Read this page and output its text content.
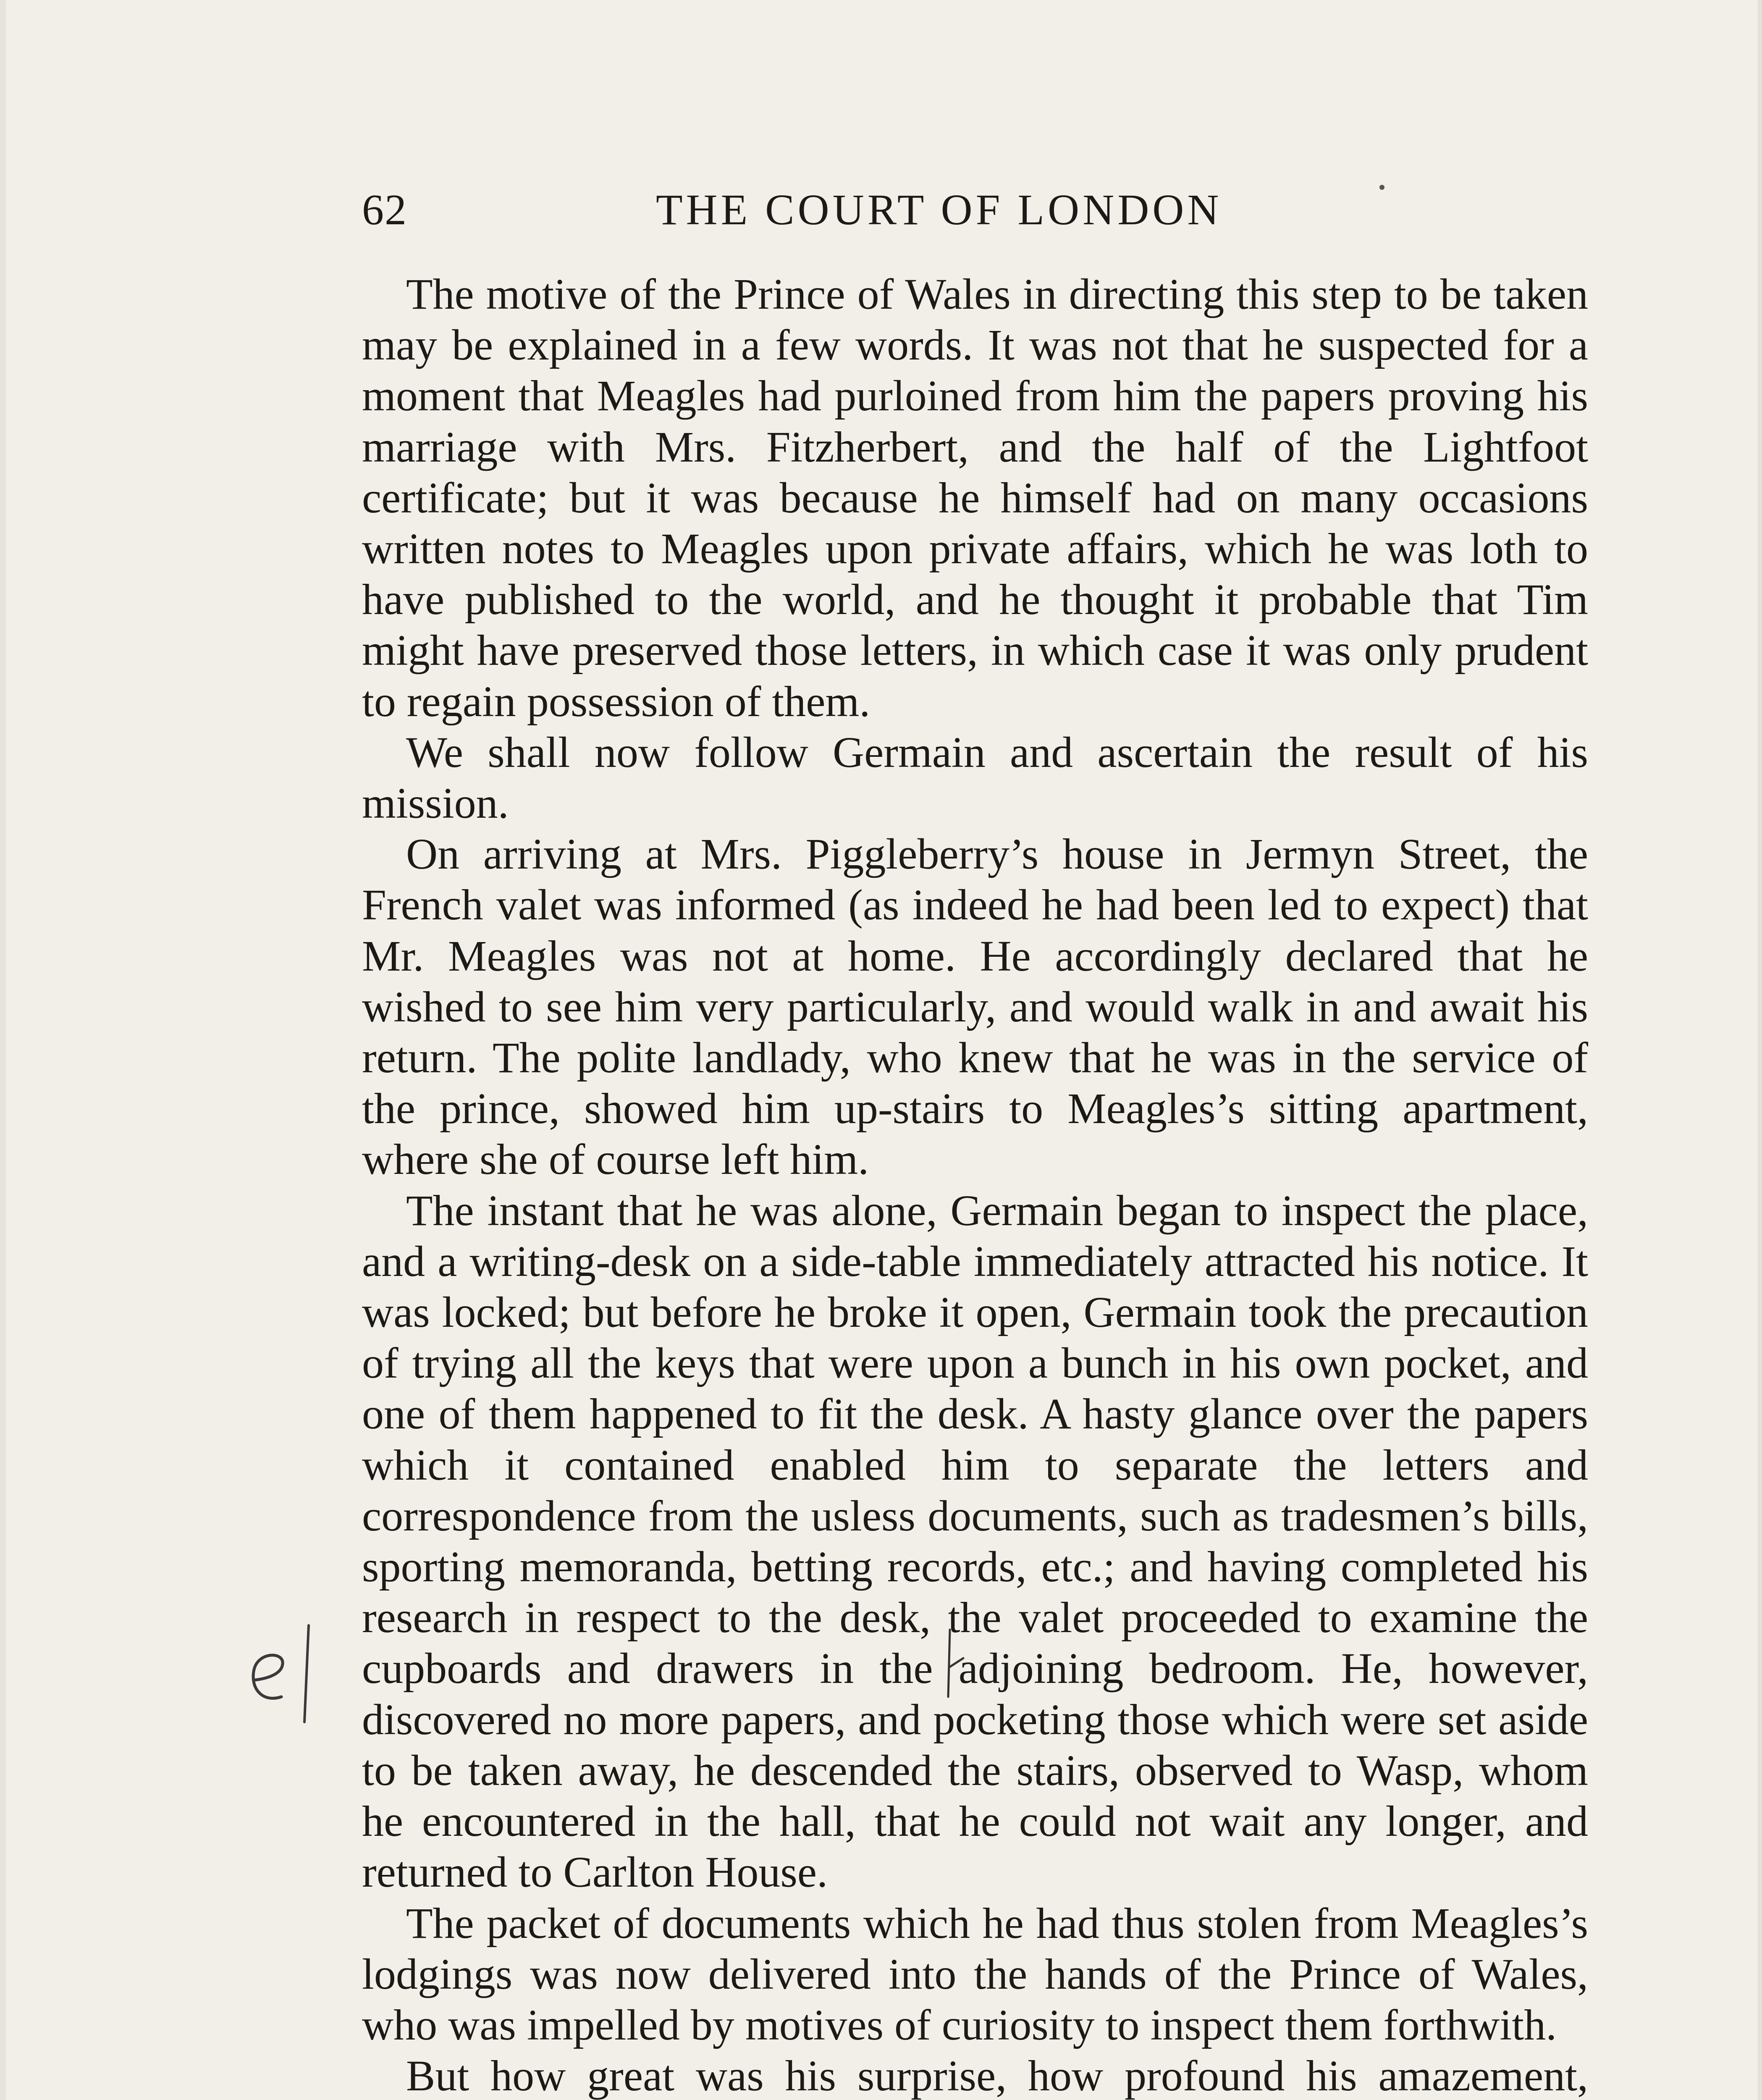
62	THE COURT OF LONDON

The motive of the Prince of Wales in directing this step to be taken may be explained in a few words. It was not that he suspected for a moment that Meagles had purloined from him the papers proving his marriage with Mrs. Fitzherbert, and the half of the Lightfoot certificate; but it was because he himself had on many occasions written notes to Meagles upon private affairs, which he was loth to have published to the world, and he thought it probable that Tim might have preserved those letters, in which case it was only prudent to regain possession of them.

We shall now follow Germain and ascertain the result of his mission.

On arriving at Mrs. Piggleberry’s house in Jermyn Street, the French valet was informed (as indeed he had been led to expect) that Mr. Meagles was not at home. He accordingly declared that he wished to see him very particularly, and would walk in and await his return. The polite landlady, who knew that he was in the service of the prince, showed him up-stairs to Meagles’s sitting apartment, where she of course left him.

The instant that he was alone, Germain began to inspect the place, and a writing-desk on a side-table immediately attracted his notice. It was locked; but before he broke it open, Germain took the precaution of trying all the keys that were upon a bunch in his own pocket, and one of them happened to fit the desk. A hasty glance over the papers which it contained enabled him to separate the letters and correspondence from the usless documents, such as tradesmen’s bills, sporting memoranda, betting records, etc.; and having completed his research in respect to the desk, the valet proceeded to examine the cupboards and drawers in the adjoining bedroom. He, however, discovered no more papers, and pocketing those which were set aside to be taken away, he descended the stairs, observed to Wasp, whom he encountered in the hall, that he could not wait any longer, and returned to Carlton House.

The packet of documents which he had thus stolen from Meagles’s lodgings was now delivered into the hands of the Prince of Wales, who was impelled by motives of curiosity to inspect them forthwith.

But how great was his surprise, how profound his amazement,
